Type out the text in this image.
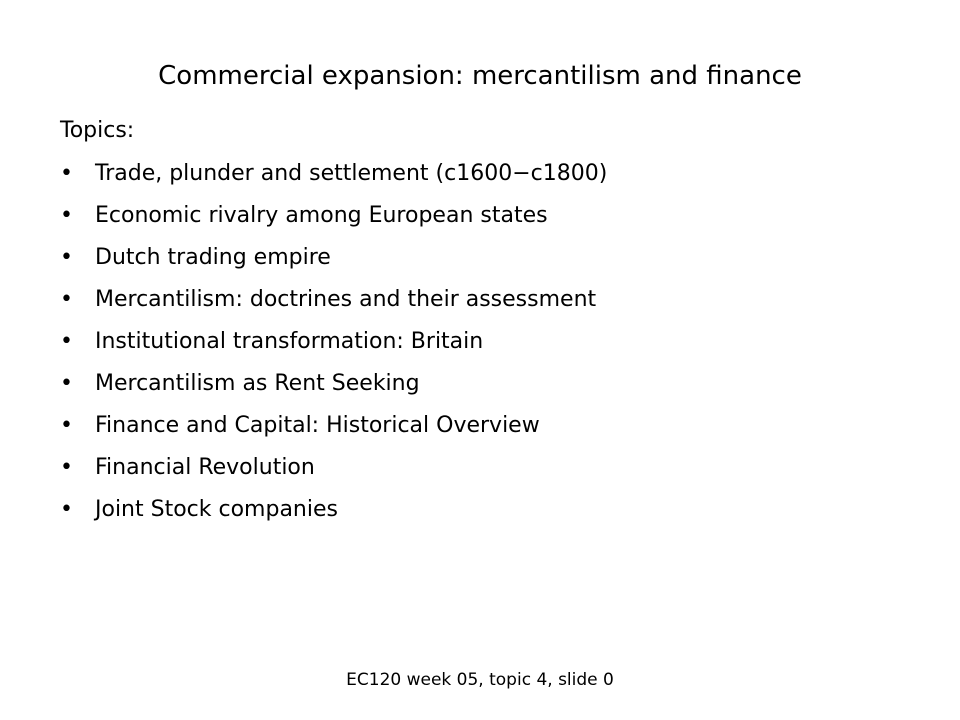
Commercial expansion: mercantilism and finance
Topics:
•	Trade, plunder and settlement (c1600−c1800)
•	Economic rivalry among European states
•	Dutch trading empire
•	Mercantilism: doctrines and their assessment
•	Institutional transformation: Britain
•	Mercantilism as Rent Seeking
•	Finance and Capital: Historical Overview
•	Financial Revolution
•	Joint Stock companies
EC120 week 05, topic 4, slide 0
